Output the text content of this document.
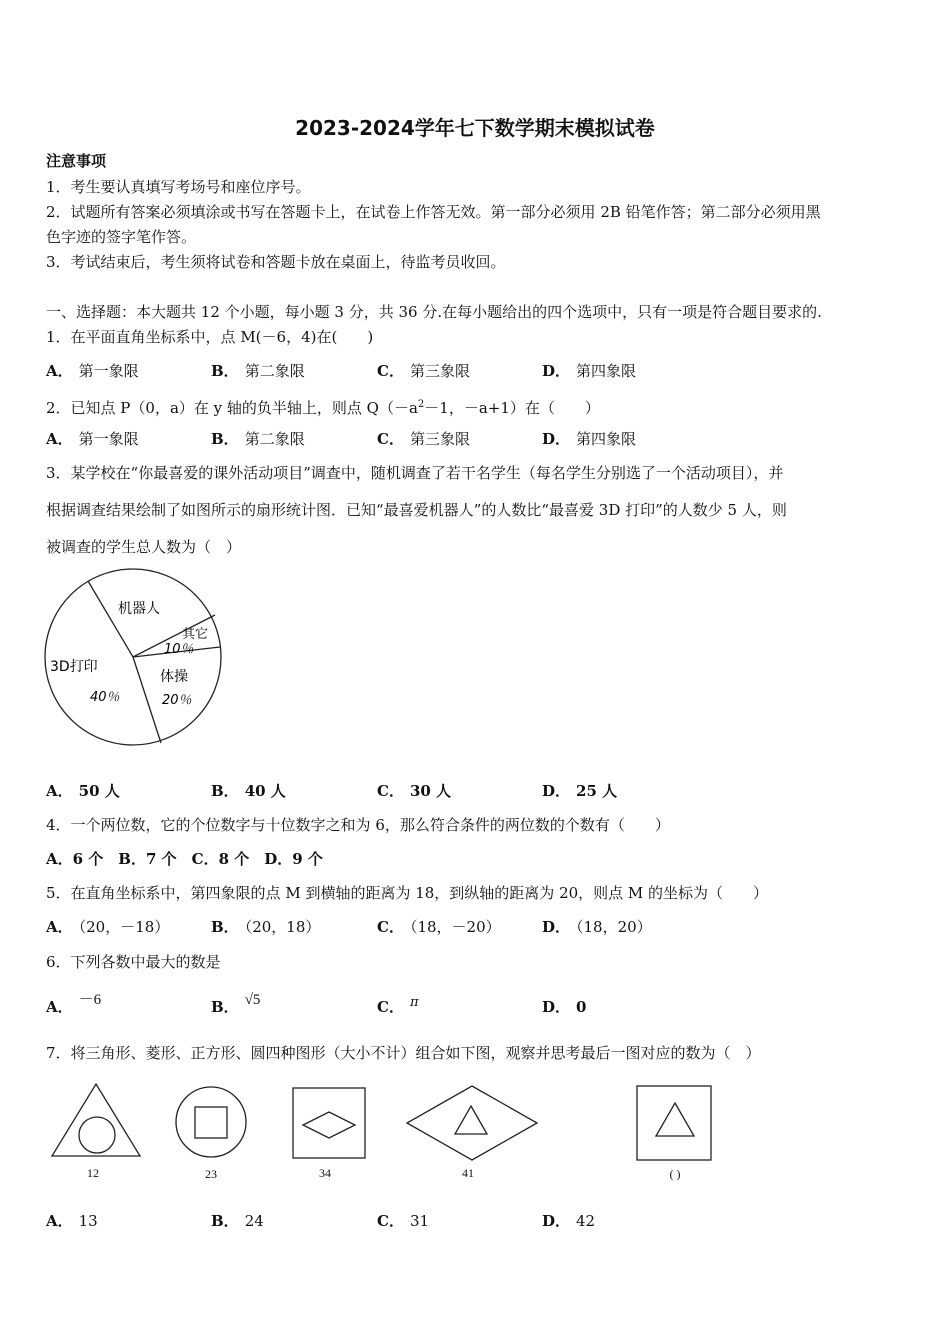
2023-2024学年七下数学期末模拟试卷
注意事项
1．考生要认真填写考场号和座位序号。
2．试题所有答案必须填涂或书写在答题卡上，在试卷上作答无效。第一部分必须用 2B 铅笔作答；第二部分必须用黑
色字迹的签字笔作答。
3．考试结束后，考生须将试卷和答题卡放在桌面上，待监考员收回。
一、选择题：本大题共 12 个小题，每小题 3 分，共 36 分.在每小题给出的四个选项中，只有一项是符合题目要求的.
1．在平面直角坐标系中，点 M(－6，4)在(　　)
A． 第一象限	B． 第二象限	C． 第三象限	D． 第四象限
2．已知点 P（0，a）在 y 轴的负半轴上，则点 $Q(-a^2-1$，－a+1）在（　　）
A． 第一象限	B． 第二象限	C． 第三象限	D． 第四象限
3．某学校在“你最喜爱的课外活动项目”调查中，随机调查了若干名学生（每名学生分别选了一个活动项目），并
根据调查结果绘制了如图所示的扇形统计图．已知“最喜爱机器人”的人数比“最喜爱 3D 打印”的人数少 5 人，则
被调查的学生总人数为（　）
机器人
其它
10％
体操
20％
3D打印
40％
A． 50 人	B． 40 人	C． 30 人	D． 25 人
4．一个两位数，它的个位数字与十位数字之和为 6，那么符合条件的两位数的个数有（　　）
A．6 个　B．7 个　C．8 个　D．9 个
5．在直角坐标系中，第四象限的点 M 到横轴的距离为 18，到纵轴的距离为 20，则点 M 的坐标为（　　）
A． （20，－18）	B． （20，18）	C． （18，－20）	D． （18，20）
6．下列各数中最大的数是
A． －6	B． √5	C． π	D． 0
7．将三角形、菱形、正方形、圆四种图形（大小不计）组合如下图，观察并思考最后一图对应的数为（　）
12	23	34	41	( )
A． 13	B． 24	C． 31	D． 42
